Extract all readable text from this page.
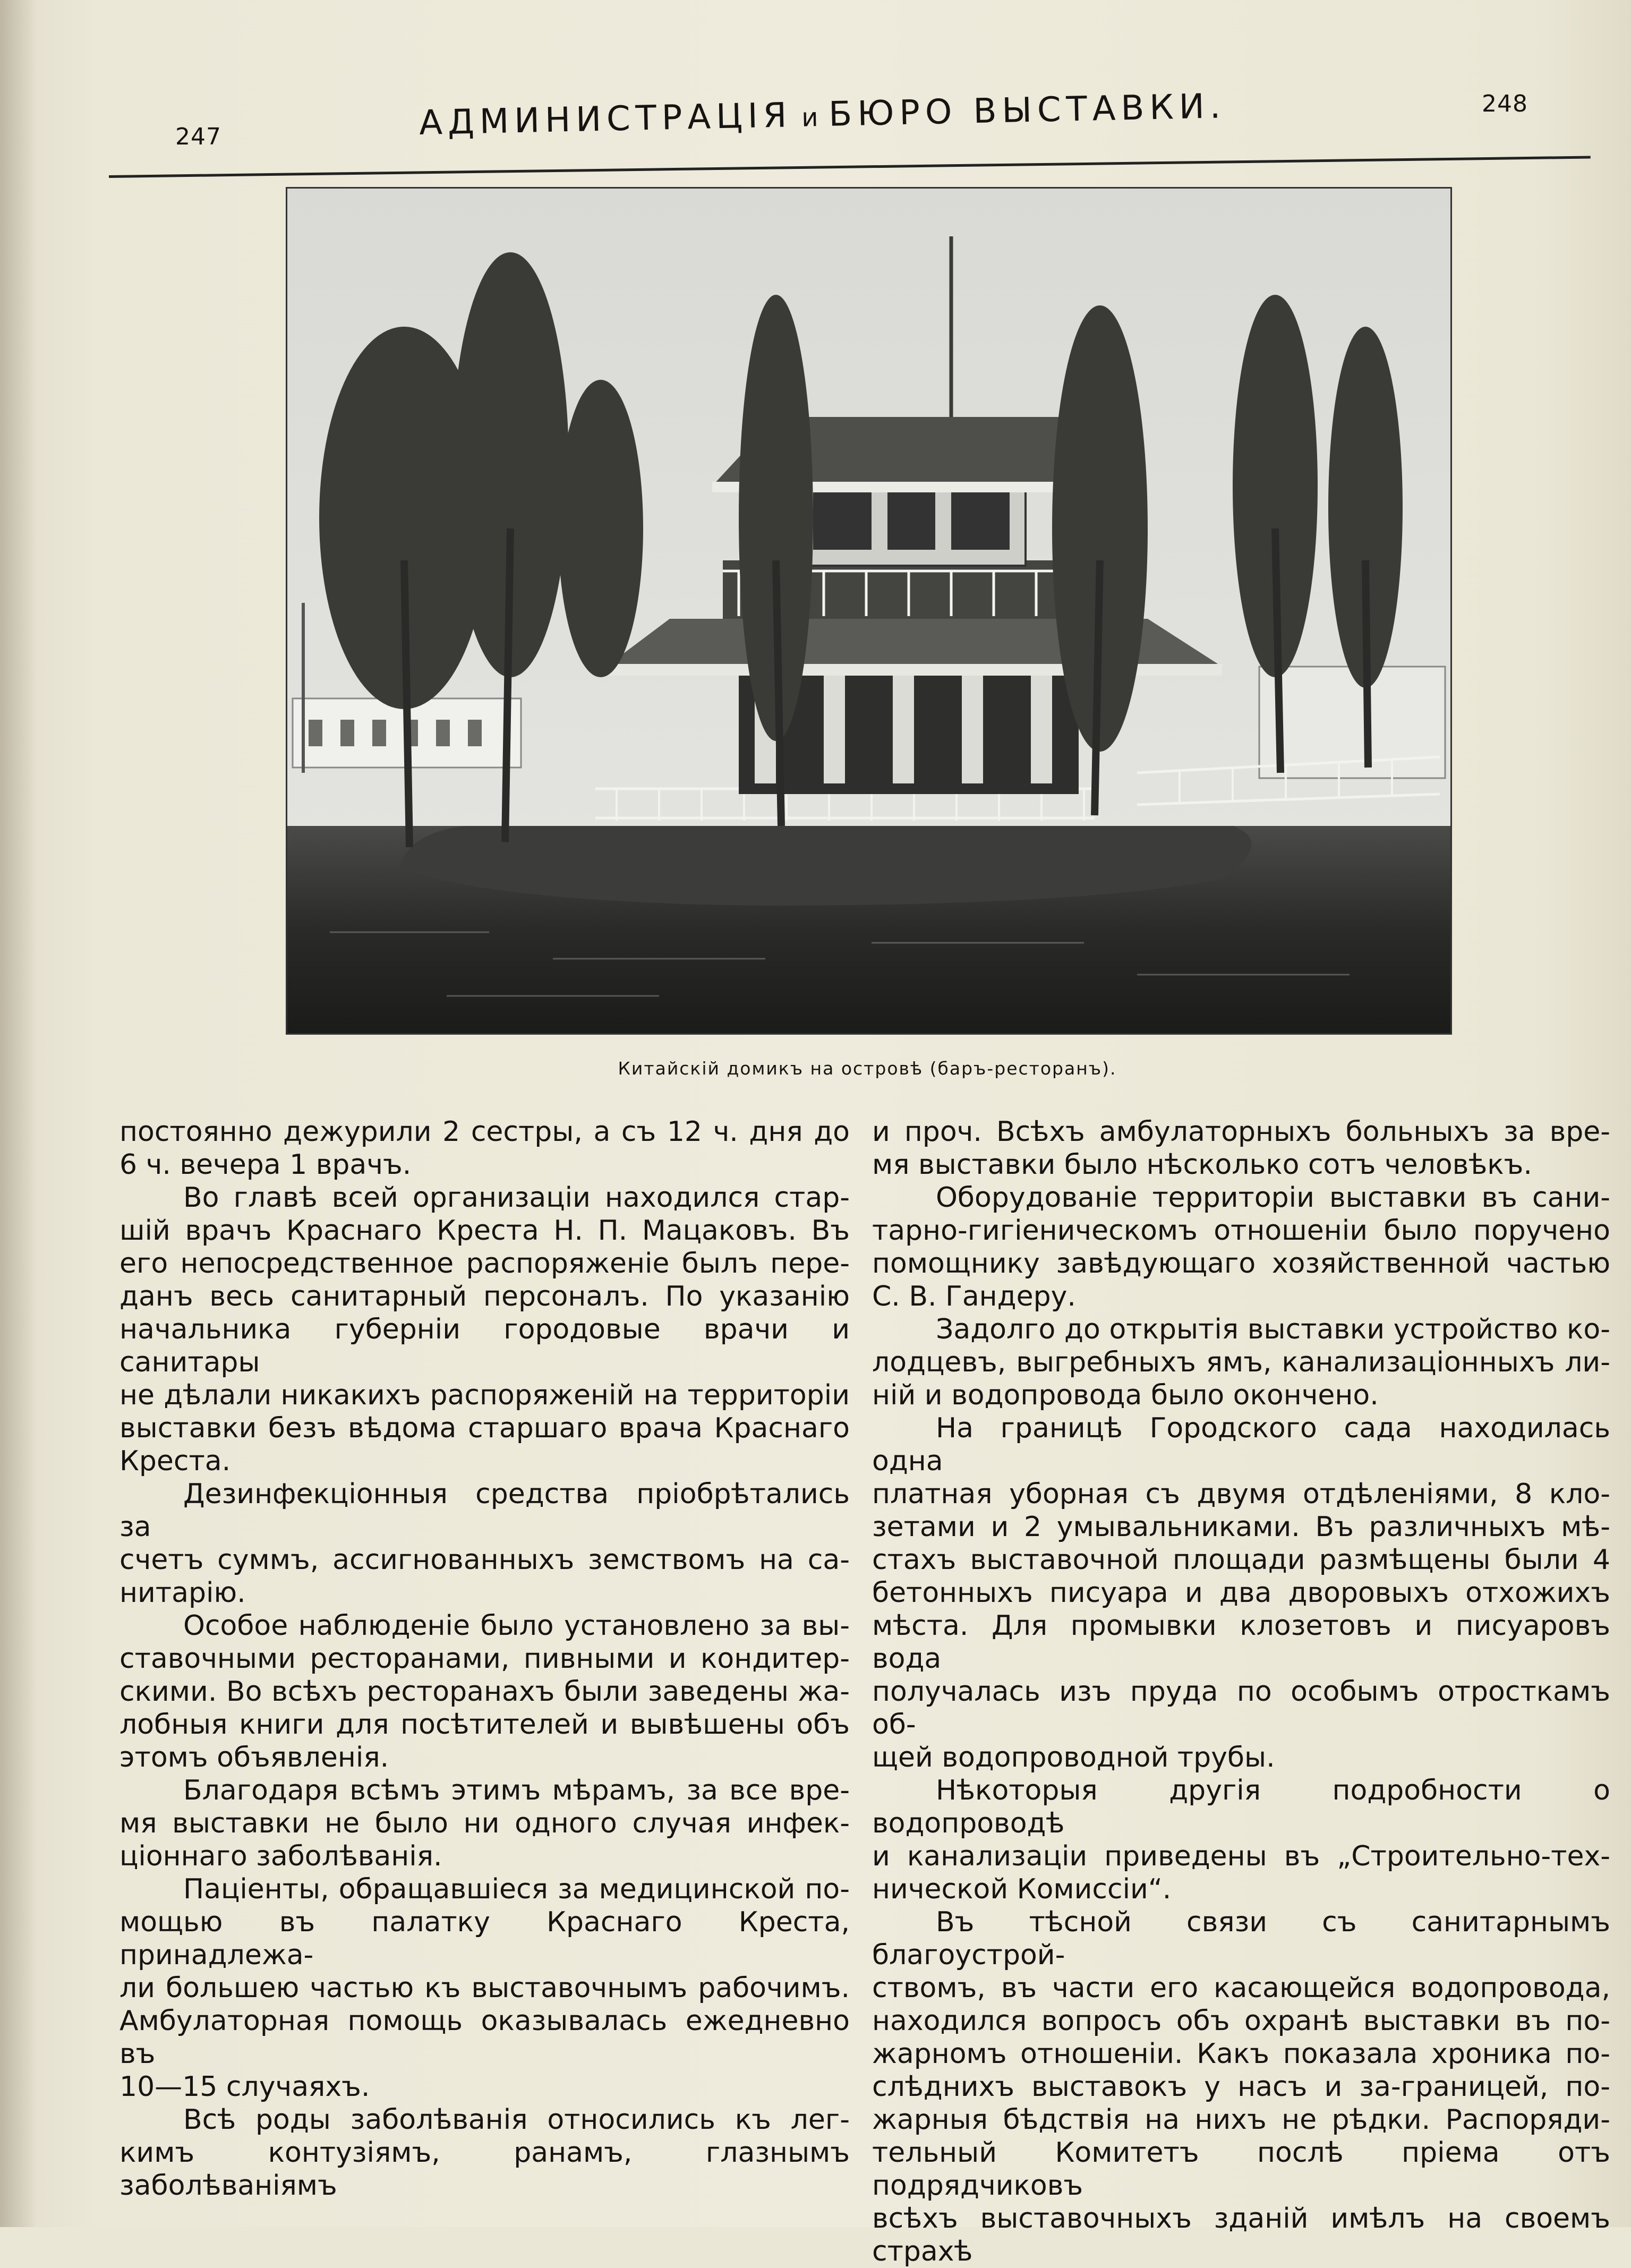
247	АДМИНИСТРАЦIЯ и БЮРО ВЫСТАВКИ.	248
Китайскiй домикъ на островѣ (баръ-ресторанъ).

постоянно дежурили 2 сестры, а съ 12 ч. дня до

6 ч. вечера 1 врачъ.

Во главѣ всей организацiи находился стар-

шiй врачъ Краснаго Креста Н. П. Мацаковъ. Въ

его непосредственное распоряженiе былъ пере-

данъ весь санитарный персоналъ. По указанiю

начальника губернiи городовые врачи и санитары

не дѣлали никакихъ распоряженiй на территорiи

выставки безъ вѣдома старшаго врача Краснаго

Креста.

Дезинфекцiонныя средства прiобрѣтались за

счетъ суммъ, ассигнованныхъ земствомъ на са-

нитарiю.

Особое наблюденiе было установлено за вы-

ставочными ресторанами, пивными и кондитер-

скими. Во всѣхъ ресторанахъ были заведены жа-

лобныя книги для посѣтителей и вывѣшены объ

этомъ объявленiя.

Благодаря всѣмъ этимъ мѣрамъ, за все вре-

мя выставки не было ни одного случая инфек-

цiоннаго заболѣванiя.

Пацiенты, обращавшiеся за медицинской по-

мощью въ палатку Краснаго Креста, принадлежа-

ли большею частью къ выставочнымъ рабочимъ.

Амбулаторная помощь оказывалась ежедневно въ

10—15 случаяхъ.

Всѣ роды заболѣванiя относились къ лег-

кимъ контузiямъ, ранамъ, глазнымъ заболѣванiямъ

и проч. Всѣхъ амбулаторныхъ больныхъ за вре-

мя выставки было нѣсколько сотъ человѣкъ.

Оборудованiе территорiи выставки въ сани-

тарно-гигiеническомъ отношенiи было поручено

помощнику завѣдующаго хозяйственной частью

С. В. Гандеру.

Задолго до открытiя выставки устройство ко-

лодцевъ, выгребныхъ ямъ, канализацiонныхъ ли-

нiй и водопровода было окончено.

На границѣ Городского сада находилась одна

платная уборная съ двумя отдѣленiями, 8 кло-

зетами и 2 умывальниками. Въ различныхъ мѣ-

стахъ выставочной площади размѣщены были 4

бетонныхъ писуара и два дворовыхъ отхожихъ

мѣста. Для промывки клозетовъ и писуаровъ вода

получалась изъ пруда по особымъ отросткамъ об-

щей водопроводной трубы.

Нѣкоторыя другiя подробности о водопроводѣ

и канализацiи приведены въ „Строительно-тех-

нической Комиссiи“.

Въ тѣсной связи съ санитарнымъ благоустрой-

ствомъ, въ части его касающейся водопровода,

находился вопросъ объ охранѣ выставки въ по-

жарномъ отношенiи. Какъ показала хроника по-

слѣднихъ выставокъ у насъ и за-границей, по-

жарныя бѣдствiя на нихъ не рѣдки. Распоряди-

тельный Комитетъ послѣ прiема отъ подрядчиковъ

всѣхъ выставочныхъ зданiй имѣлъ на своемъ страхѣ
